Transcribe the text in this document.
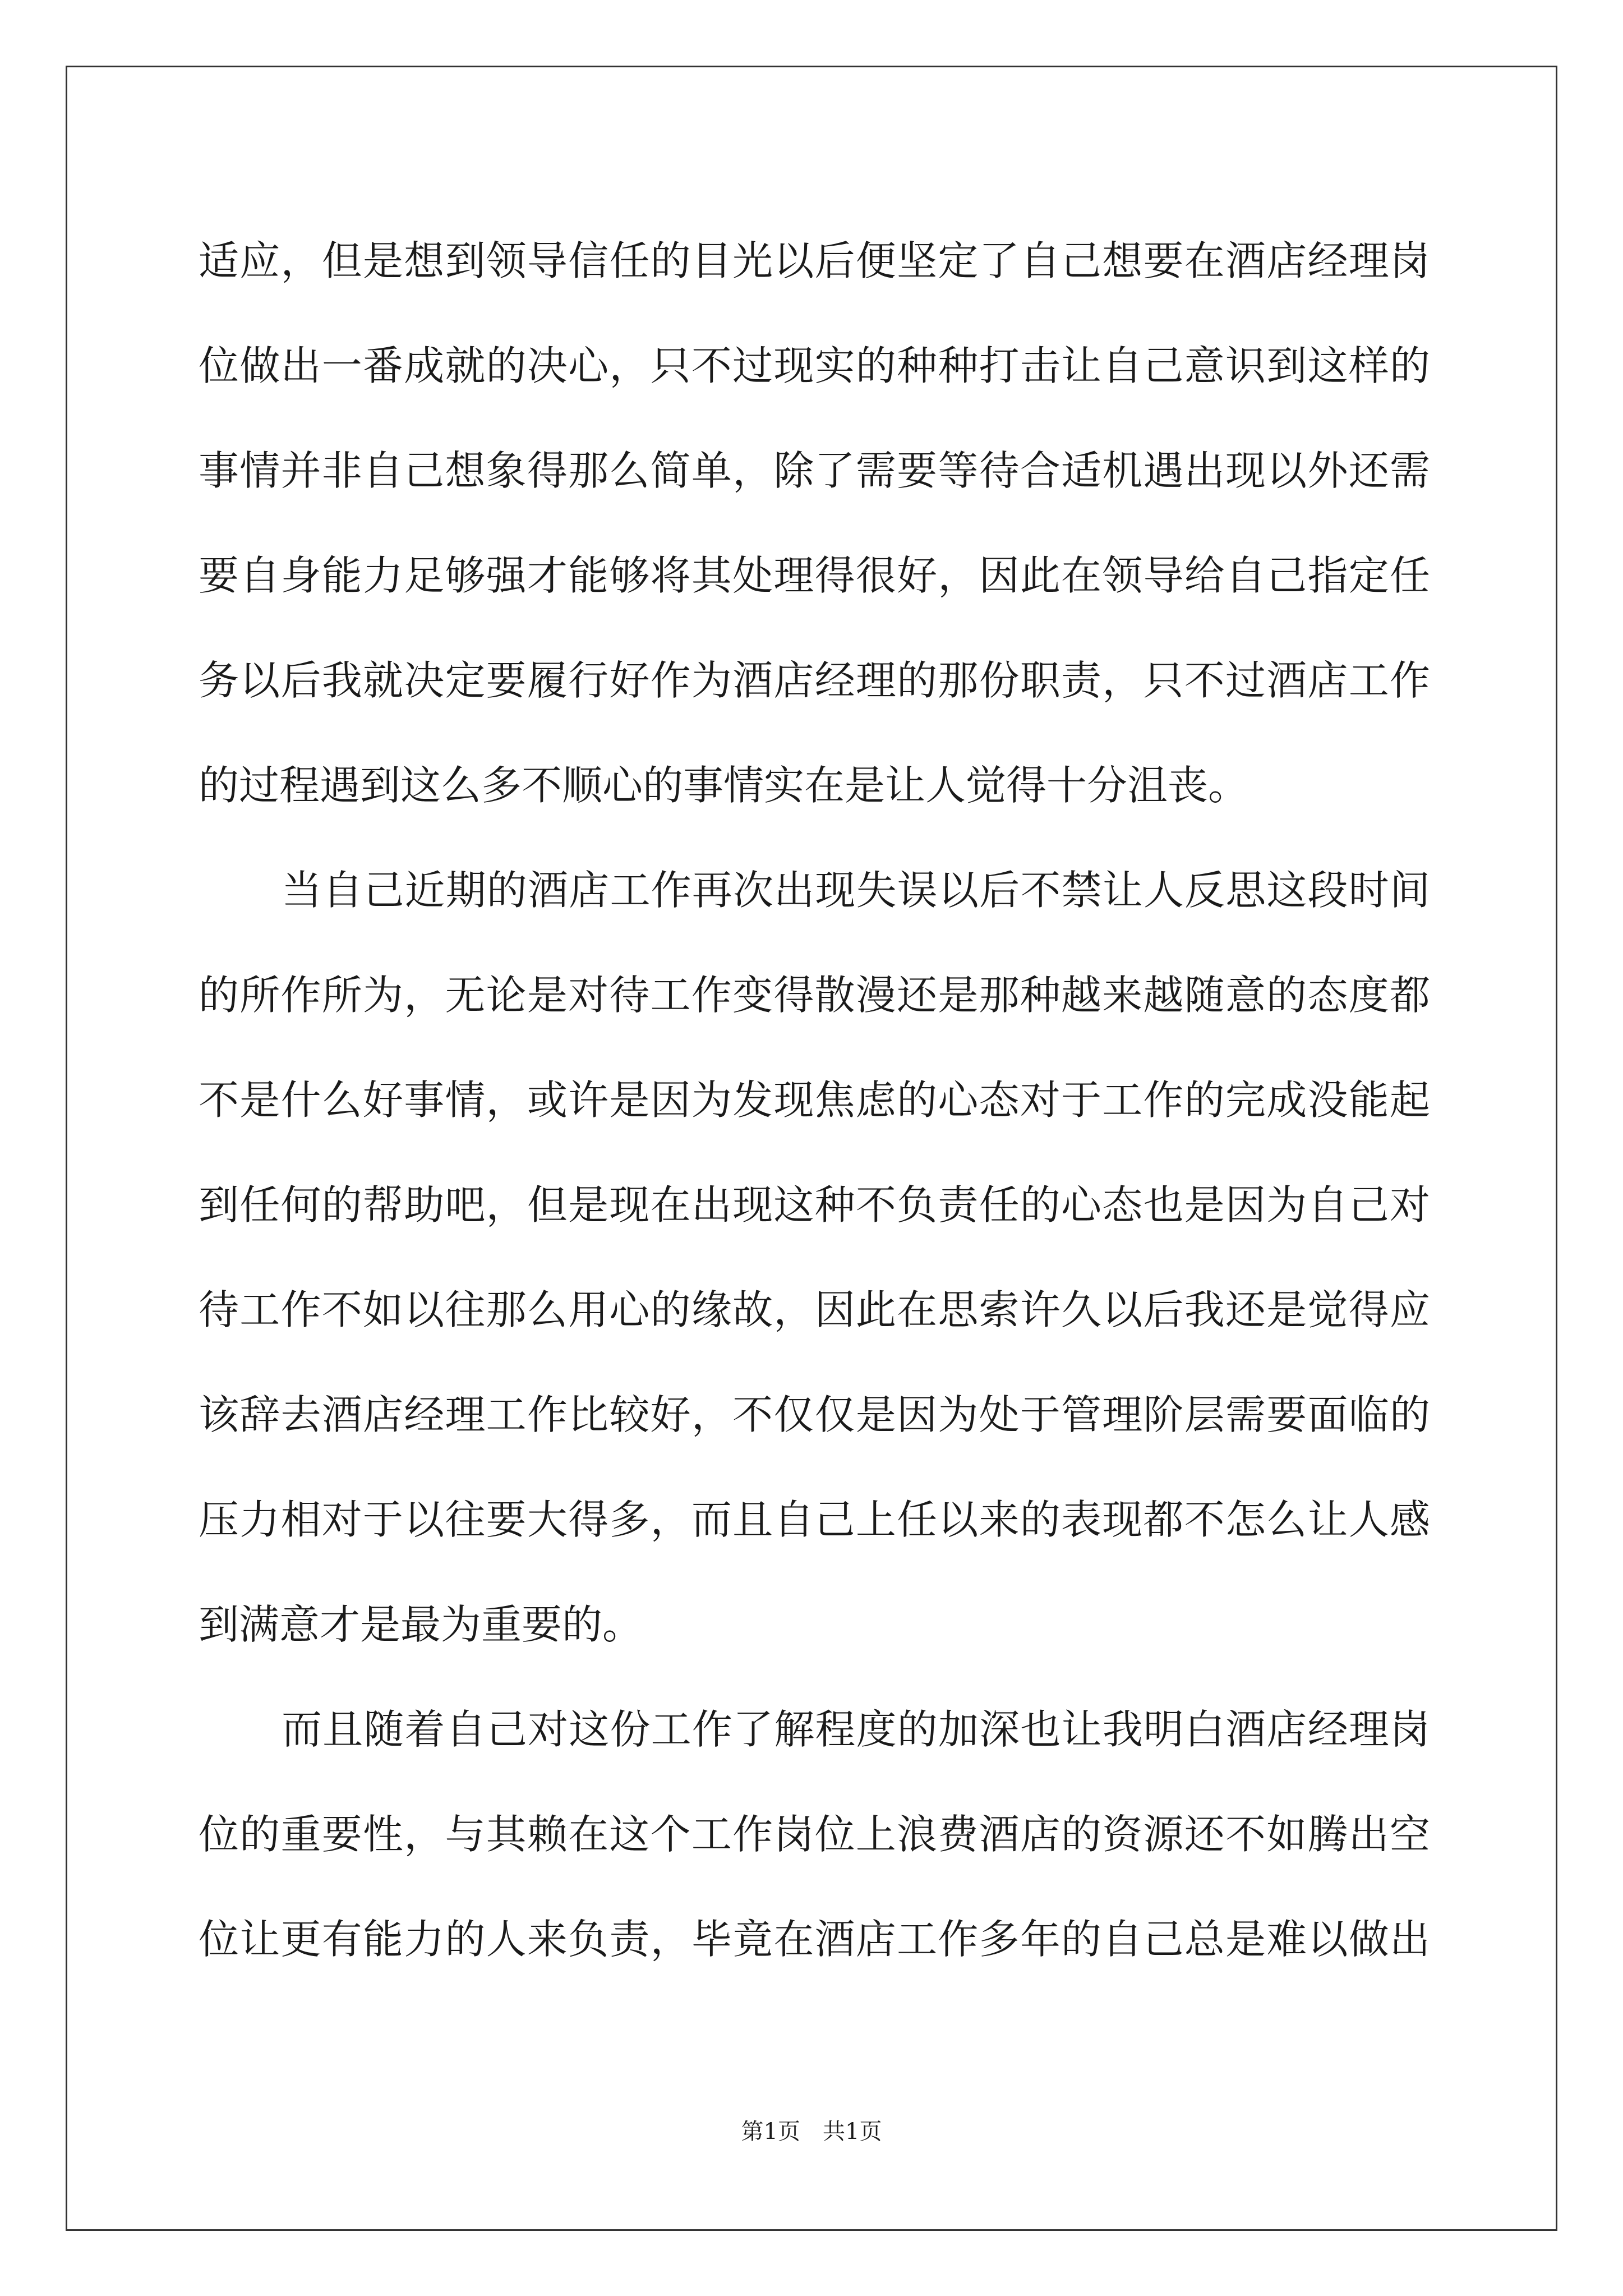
适应，但是想到领导信任的目光以后便坚定了自己想要在酒店经理岗
位做出一番成就的决心，只不过现实的种种打击让自己意识到这样的
事情并非自己想象得那么简单，除了需要等待合适机遇出现以外还需
要自身能力足够强才能够将其处理得很好，因此在领导给自己指定任
务以后我就决定要履行好作为酒店经理的那份职责，只不过酒店工作
的过程遇到这么多不顺心的事情实在是让人觉得十分沮丧。
当自己近期的酒店工作再次出现失误以后不禁让人反思这段时间
的所作所为，无论是对待工作变得散漫还是那种越来越随意的态度都
不是什么好事情，或许是因为发现焦虑的心态对于工作的完成没能起
到任何的帮助吧，但是现在出现这种不负责任的心态也是因为自己对
待工作不如以往那么用心的缘故，因此在思索许久以后我还是觉得应
该辞去酒店经理工作比较好，不仅仅是因为处于管理阶层需要面临的
压力相对于以往要大得多，而且自己上任以来的表现都不怎么让人感
到满意才是最为重要的。
而且随着自己对这份工作了解程度的加深也让我明白酒店经理岗
位的重要性，与其赖在这个工作岗位上浪费酒店的资源还不如腾出空
位让更有能力的人来负责，毕竟在酒店工作多年的自己总是难以做出
第1页　共1页
